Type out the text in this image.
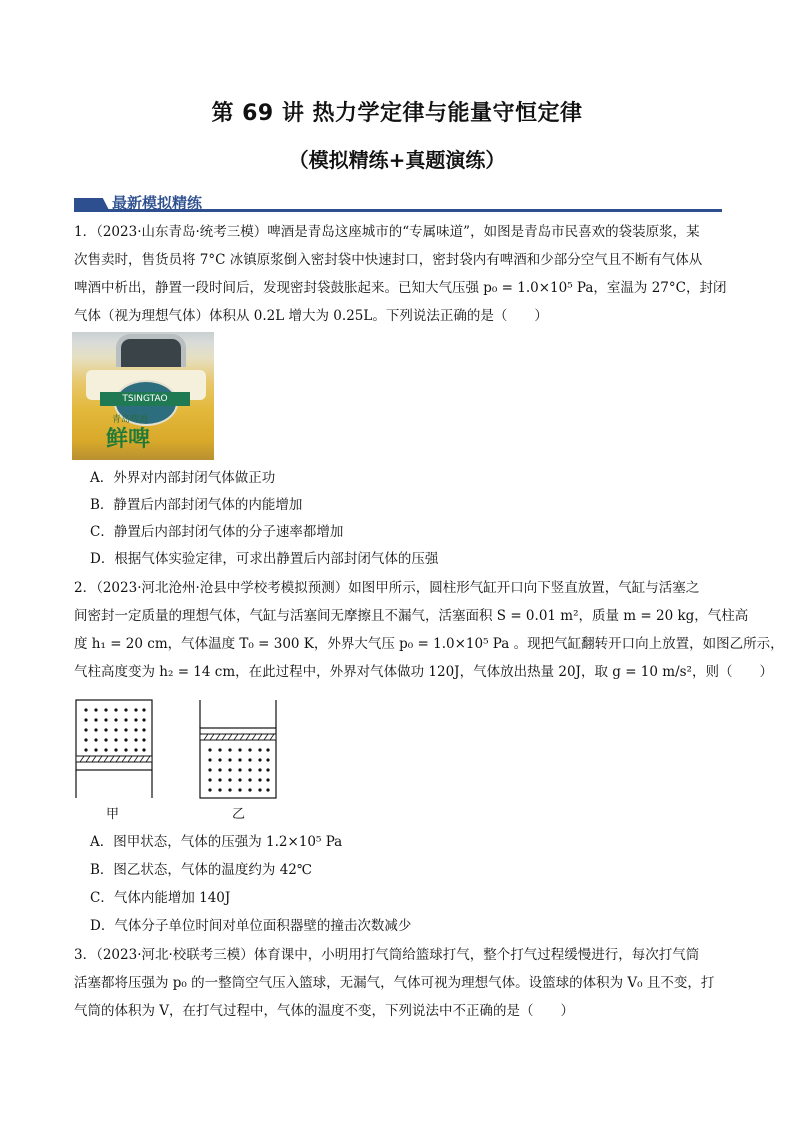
第 69 讲 热力学定律与能量守恒定律
（模拟精练+真题演练）
最新模拟精练
1．（2023·山东青岛·统考三模）啤酒是青岛这座城市的“专属味道”，如图是青岛市民喜欢的袋装原浆，某
次售卖时，售货员将 7°C 冰镇原浆倒入密封袋中快速封口，密封袋内有啤酒和少部分空气且不断有气体从
啤酒中析出，静置一段时间后，发现密封袋鼓胀起来。已知大气压强 p₀ = 1.0×10⁵ Pa，室温为 27°C，封闭
气体（视为理想气体）体积从 0.2L 增大为 0.25L。下列说法正确的是（　　）
TSINGTAO
青岛啤酒
鲜啤
A．外界对内部封闭气体做正功
B．静置后内部封闭气体的内能增加
C．静置后内部封闭气体的分子速率都增加
D．根据气体实验定律，可求出静置后内部封闭气体的压强
2．（2023·河北沧州·沧县中学校考模拟预测）如图甲所示，圆柱形气缸开口向下竖直放置，气缸与活塞之
间密封一定质量的理想气体，气缸与活塞间无摩擦且不漏气，活塞面积 S = 0.01 m²，质量 m = 20 kg，气柱高
度 h₁ = 20 cm，气体温度 T₀ = 300 K，外界大气压 p₀ = 1.0×10⁵ Pa 。现把气缸翻转开口向上放置，如图乙所示，
气柱高度变为 h₂ = 14 cm，在此过程中，外界对气体做功 120J，气体放出热量 20J，取 g = 10 m/s²，则（　　）
甲	乙
A．图甲状态，气体的压强为 1.2×10⁵ Pa
B．图乙状态，气体的温度约为 42℃
C．气体内能增加 140J
D．气体分子单位时间对单位面积器壁的撞击次数减少
3．（2023·河北·校联考三模）体育课中，小明用打气筒给篮球打气，整个打气过程缓慢进行，每次打气筒
活塞都将压强为 p₀ 的一整筒空气压入篮球，无漏气，气体可视为理想气体。设篮球的体积为 V₀ 且不变，打
气筒的体积为 V，在打气过程中，气体的温度不变，下列说法中不正确的是（　　）
